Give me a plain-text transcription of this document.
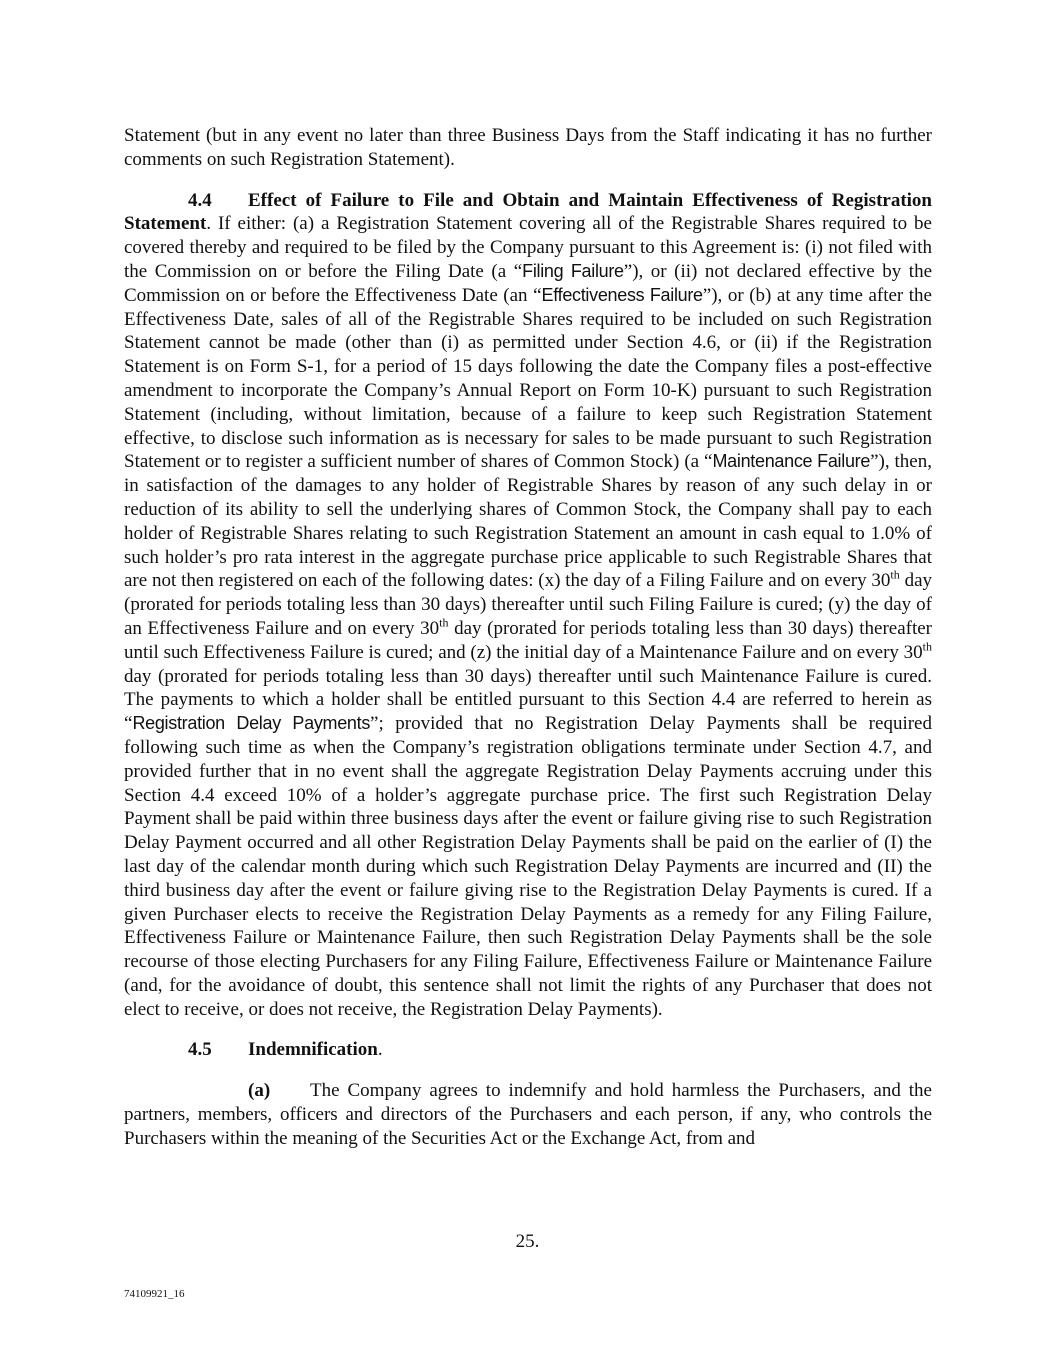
Statement (but in any event no later than three Business Days from the Staff indicating it has no further comments on such Registration Statement).

4.4 Effect of Failure to File and Obtain and Maintain Effectiveness of Registration Statement. If either: (a) a Registration Statement covering all of the Registrable Shares required to be covered thereby and required to be filed by the Company pursuant to this Agreement is: (i) not filed with the Commission on or before the Filing Date (a “Filing Failure”), or (ii) not declared effective by the Commission on or before the Effectiveness Date (an “Effectiveness Failure”), or (b) at any time after the Effectiveness Date, sales of all of the Registrable Shares required to be included on such Registration Statement cannot be made (other than (i) as permitted under Section 4.6, or (ii) if the Registration Statement is on Form S-1, for a period of 15 days following the date the Company files a post-effective amendment to incorporate the Company’s Annual Report on Form 10-K) pursuant to such Registration Statement (including, without limitation, because of a failure to keep such Registration Statement effective, to disclose such information as is necessary for sales to be made pursuant to such Registration Statement or to register a sufficient number of shares of Common Stock) (a “Maintenance Failure”), then, in satisfaction of the damages to any holder of Registrable Shares by reason of any such delay in or reduction of its ability to sell the underlying shares of Common Stock, the Company shall pay to each holder of Registrable Shares relating to such Registration Statement an amount in cash equal to 1.0% of such holder’s pro rata interest in the aggregate purchase price applicable to such Registrable Shares that are not then registered on each of the following dates: (x) the day of a Filing Failure and on every 30th day (prorated for periods totaling less than 30 days) thereafter until such Filing Failure is cured; (y) the day of an Effectiveness Failure and on every 30th day (prorated for periods totaling less than 30 days) thereafter until such Effectiveness Failure is cured; and (z) the initial day of a Maintenance Failure and on every 30th day (prorated for periods totaling less than 30 days) thereafter until such Maintenance Failure is cured. The payments to which a holder shall be entitled pursuant to this Section 4.4 are referred to herein as “Registration Delay Payments”; provided that no Registration Delay Payments shall be required following such time as when the Company’s registration obligations terminate under Section 4.7, and provided further that in no event shall the aggregate Registration Delay Payments accruing under this Section 4.4 exceed 10% of a holder’s aggregate purchase price. The first such Registration Delay Payment shall be paid within three business days after the event or failure giving rise to such Registration Delay Payment occurred and all other Registration Delay Payments shall be paid on the earlier of (I) the last day of the calendar month during which such Registration Delay Payments are incurred and (II) the third business day after the event or failure giving rise to the Registration Delay Payments is cured. If a given Purchaser elects to receive the Registration Delay Payments as a remedy for any Filing Failure, Effectiveness Failure or Maintenance Failure, then such Registration Delay Payments shall be the sole recourse of those electing Purchasers for any Filing Failure, Effectiveness Failure or Maintenance Failure (and, for the avoidance of doubt, this sentence shall not limit the rights of any Purchaser that does not elect to receive, or does not receive, the Registration Delay Payments).

4.5 Indemnification.

(a) The Company agrees to indemnify and hold harmless the Purchasers, and the partners, members, officers and directors of the Purchasers and each person, if any, who controls the Purchasers within the meaning of the Securities Act or the Exchange Act, from and

25.
74109921_16
